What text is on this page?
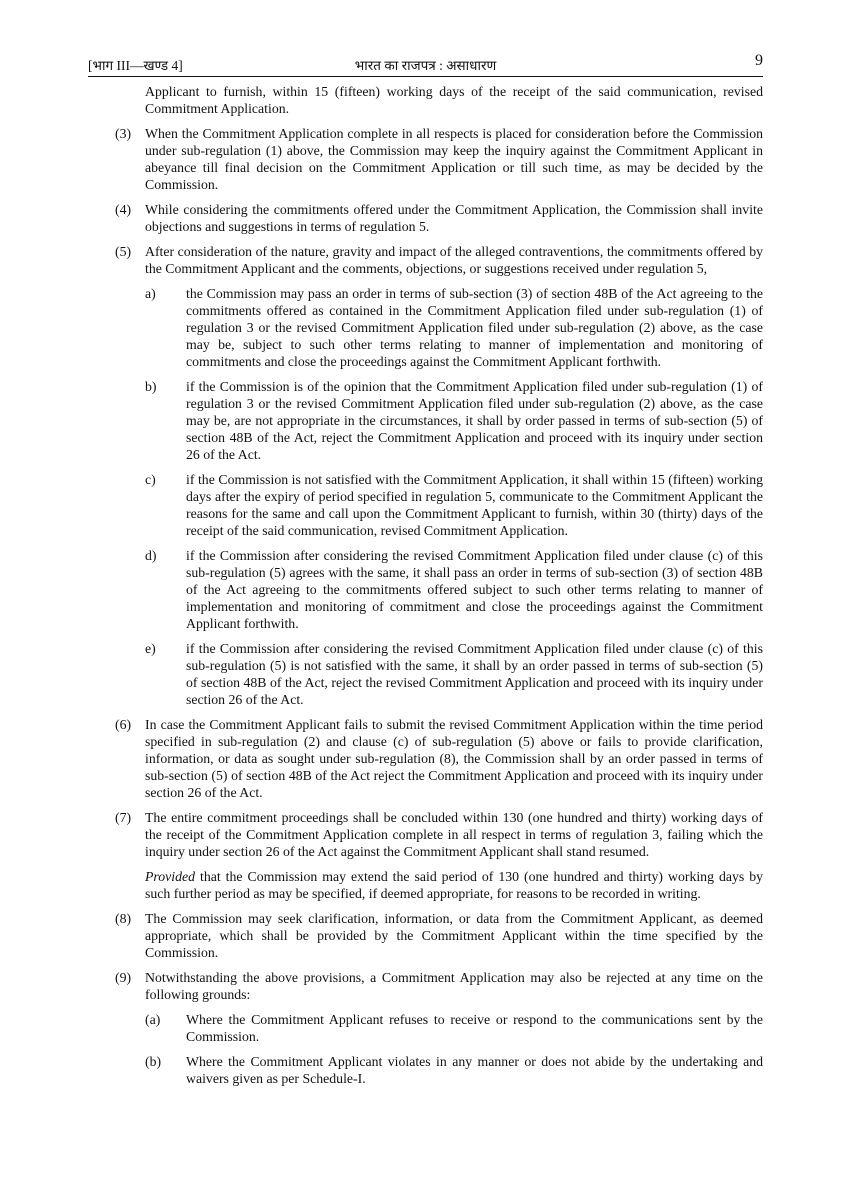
[भाग III—खण्ड 4]	भारत का राजपत्र : असाधारण	9

Applicant to furnish, within 15 (fifteen) working days of the receipt of the said communication, revised Commitment Application.

(3) When the Commitment Application complete in all respects is placed for consideration before the Commission under sub-regulation (1) above, the Commission may keep the inquiry against the Commitment Applicant in abeyance till final decision on the Commitment Application or till such time, as may be decided by the Commission.
(4) While considering the commitments offered under the Commitment Application, the Commission shall invite objections and suggestions in terms of regulation 5.
(5) After consideration of the nature, gravity and impact of the alleged contraventions, the commitments offered by the Commitment Applicant and the comments, objections, or suggestions received under regulation 5,
a) the Commission may pass an order in terms of sub-section (3) of section 48B of the Act agreeing to the commitments offered as contained in the Commitment Application filed under sub-regulation (1) of regulation 3 or the revised Commitment Application filed under sub-regulation (2) above, as the case may be, subject to such other terms relating to manner of implementation and monitoring of commitments and close the proceedings against the Commitment Applicant forthwith.
b) if the Commission is of the opinion that the Commitment Application filed under sub-regulation (1) of regulation 3 or the revised Commitment Application filed under sub-regulation (2) above, as the case may be, are not appropriate in the circumstances, it shall by order passed in terms of sub-section (5) of section 48B of the Act, reject the Commitment Application and proceed with its inquiry under section 26 of the Act.
c) if the Commission is not satisfied with the Commitment Application, it shall within 15 (fifteen) working days after the expiry of period specified in regulation 5, communicate to the Commitment Applicant the reasons for the same and call upon the Commitment Applicant to furnish, within 30 (thirty) days of the receipt of the said communication, revised Commitment Application.
d) if the Commission after considering the revised Commitment Application filed under clause (c) of this sub-regulation (5) agrees with the same, it shall pass an order in terms of sub-section (3) of section 48B of the Act agreeing to the commitments offered subject to such other terms relating to manner of implementation and monitoring of commitment and close the proceedings against the Commitment Applicant forthwith.
e) if the Commission after considering the revised Commitment Application filed under clause (c) of this sub-regulation (5) is not satisfied with the same, it shall by an order passed in terms of sub-section (5) of section 48B of the Act, reject the revised Commitment Application and proceed with its inquiry under section 26 of the Act.
(6) In case the Commitment Applicant fails to submit the revised Commitment Application within the time period specified in sub-regulation (2) and clause (c) of sub-regulation (5) above or fails to provide clarification, information, or data as sought under sub-regulation (8), the Commission shall by an order passed in terms of sub-section (5) of section 48B of the Act reject the Commitment Application and proceed with its inquiry under section 26 of the Act.
(7) The entire commitment proceedings shall be concluded within 130 (one hundred and thirty) working days of the receipt of the Commitment Application complete in all respect in terms of regulation 3, failing which the inquiry under section 26 of the Act against the Commitment Applicant shall stand resumed.

Provided that the Commission may extend the said period of 130 (one hundred and thirty) working days by such further period as may be specified, if deemed appropriate, for reasons to be recorded in writing.

(8) The Commission may seek clarification, information, or data from the Commitment Applicant, as deemed appropriate, which shall be provided by the Commitment Applicant within the time specified by the Commission.
(9) Notwithstanding the above provisions, a Commitment Application may also be rejected at any time on the following grounds:
(a) Where the Commitment Applicant refuses to receive or respond to the communications sent by the Commission.
(b) Where the Commitment Applicant violates in any manner or does not abide by the undertaking and waivers given as per Schedule-I.
